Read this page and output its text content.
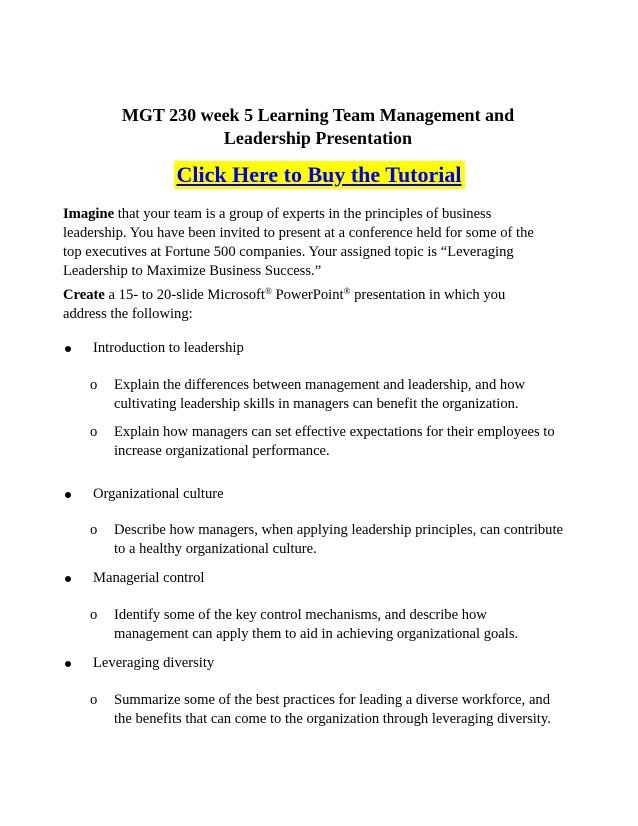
MGT 230 week 5 Learning Team Management and
Leadership Presentation
Click Here to Buy the Tutorial
Imagine that your team is a group of experts in the principles of business
leadership. You have been invited to present at a conference held for some of the
top executives at Fortune 500 companies. Your assigned topic is “Leveraging
Leadership to Maximize Business Success.”
Create a 15- to 20-slide Microsoft® PowerPoint® presentation in which you
address the following:
Introduction to leadership
o Explain the differences between management and leadership, and how
cultivating leadership skills in managers can benefit the organization.
o Explain how managers can set effective expectations for their employees to
increase organizational performance.
Organizational culture
o Describe how managers, when applying leadership principles, can contribute
to a healthy organizational culture.
Managerial control
o Identify some of the key control mechanisms, and describe how
management can apply them to aid in achieving organizational goals.
Leveraging diversity
o Summarize some of the best practices for leading a diverse workforce, and
the benefits that can come to the organization through leveraging diversity.
